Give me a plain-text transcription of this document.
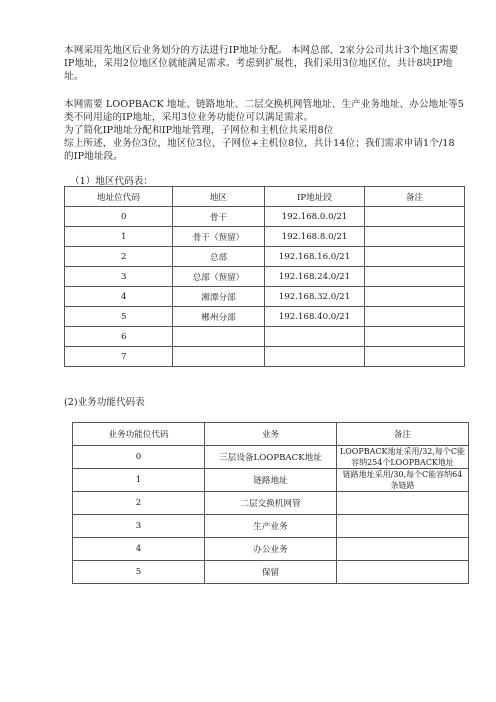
本网采用先地区后业务划分的方法进行IP地址分配。 本网总部、2家分公司共计3个地区需要IP地址，采用2位地区位就能满足需求。考虑到扩展性，我们采用3位地区位，共计8块IP地址。

本网需要 LOOPBACK 地址、链路地址、二层交换机网管地址、生产业务地址、办公地址等5类不同用途的IP地址，采用3位业务功能位可以满足需求。

为了简化IP地址分配和IP地址管理，子网位和主机位共采用8位

综上所述，业务位3位，地区位3位，子网位+主机位8位，共计14位；我们需求申请1个/18的IP地址段。

（1）地区代码表：

地址位代码	地区	IP地址段	备注
0	骨干	192.168.0.0/21	
1	骨干（预留）	192.168.8.0/21	
2	总部	192.168.16.0/21	
3	总部（预留）	192.168.24.0/21	
4	湘潭分部	192.168.32.0/21	
5	郴州分部	192.168.40.0/21	
6			
7			

(2)业务功能代码表

业务功能位代码	业务	备注
0	三层设备LOOPBACK地址	LOOPBACK地址采用/32,每个C能容纳254个LOOPBACK地址
1	链路地址	链路地址采用/30,每个C能容纳64条链路
2	二层交换机网管	
3	生产业务	
4	办公业务	
5	保留	
